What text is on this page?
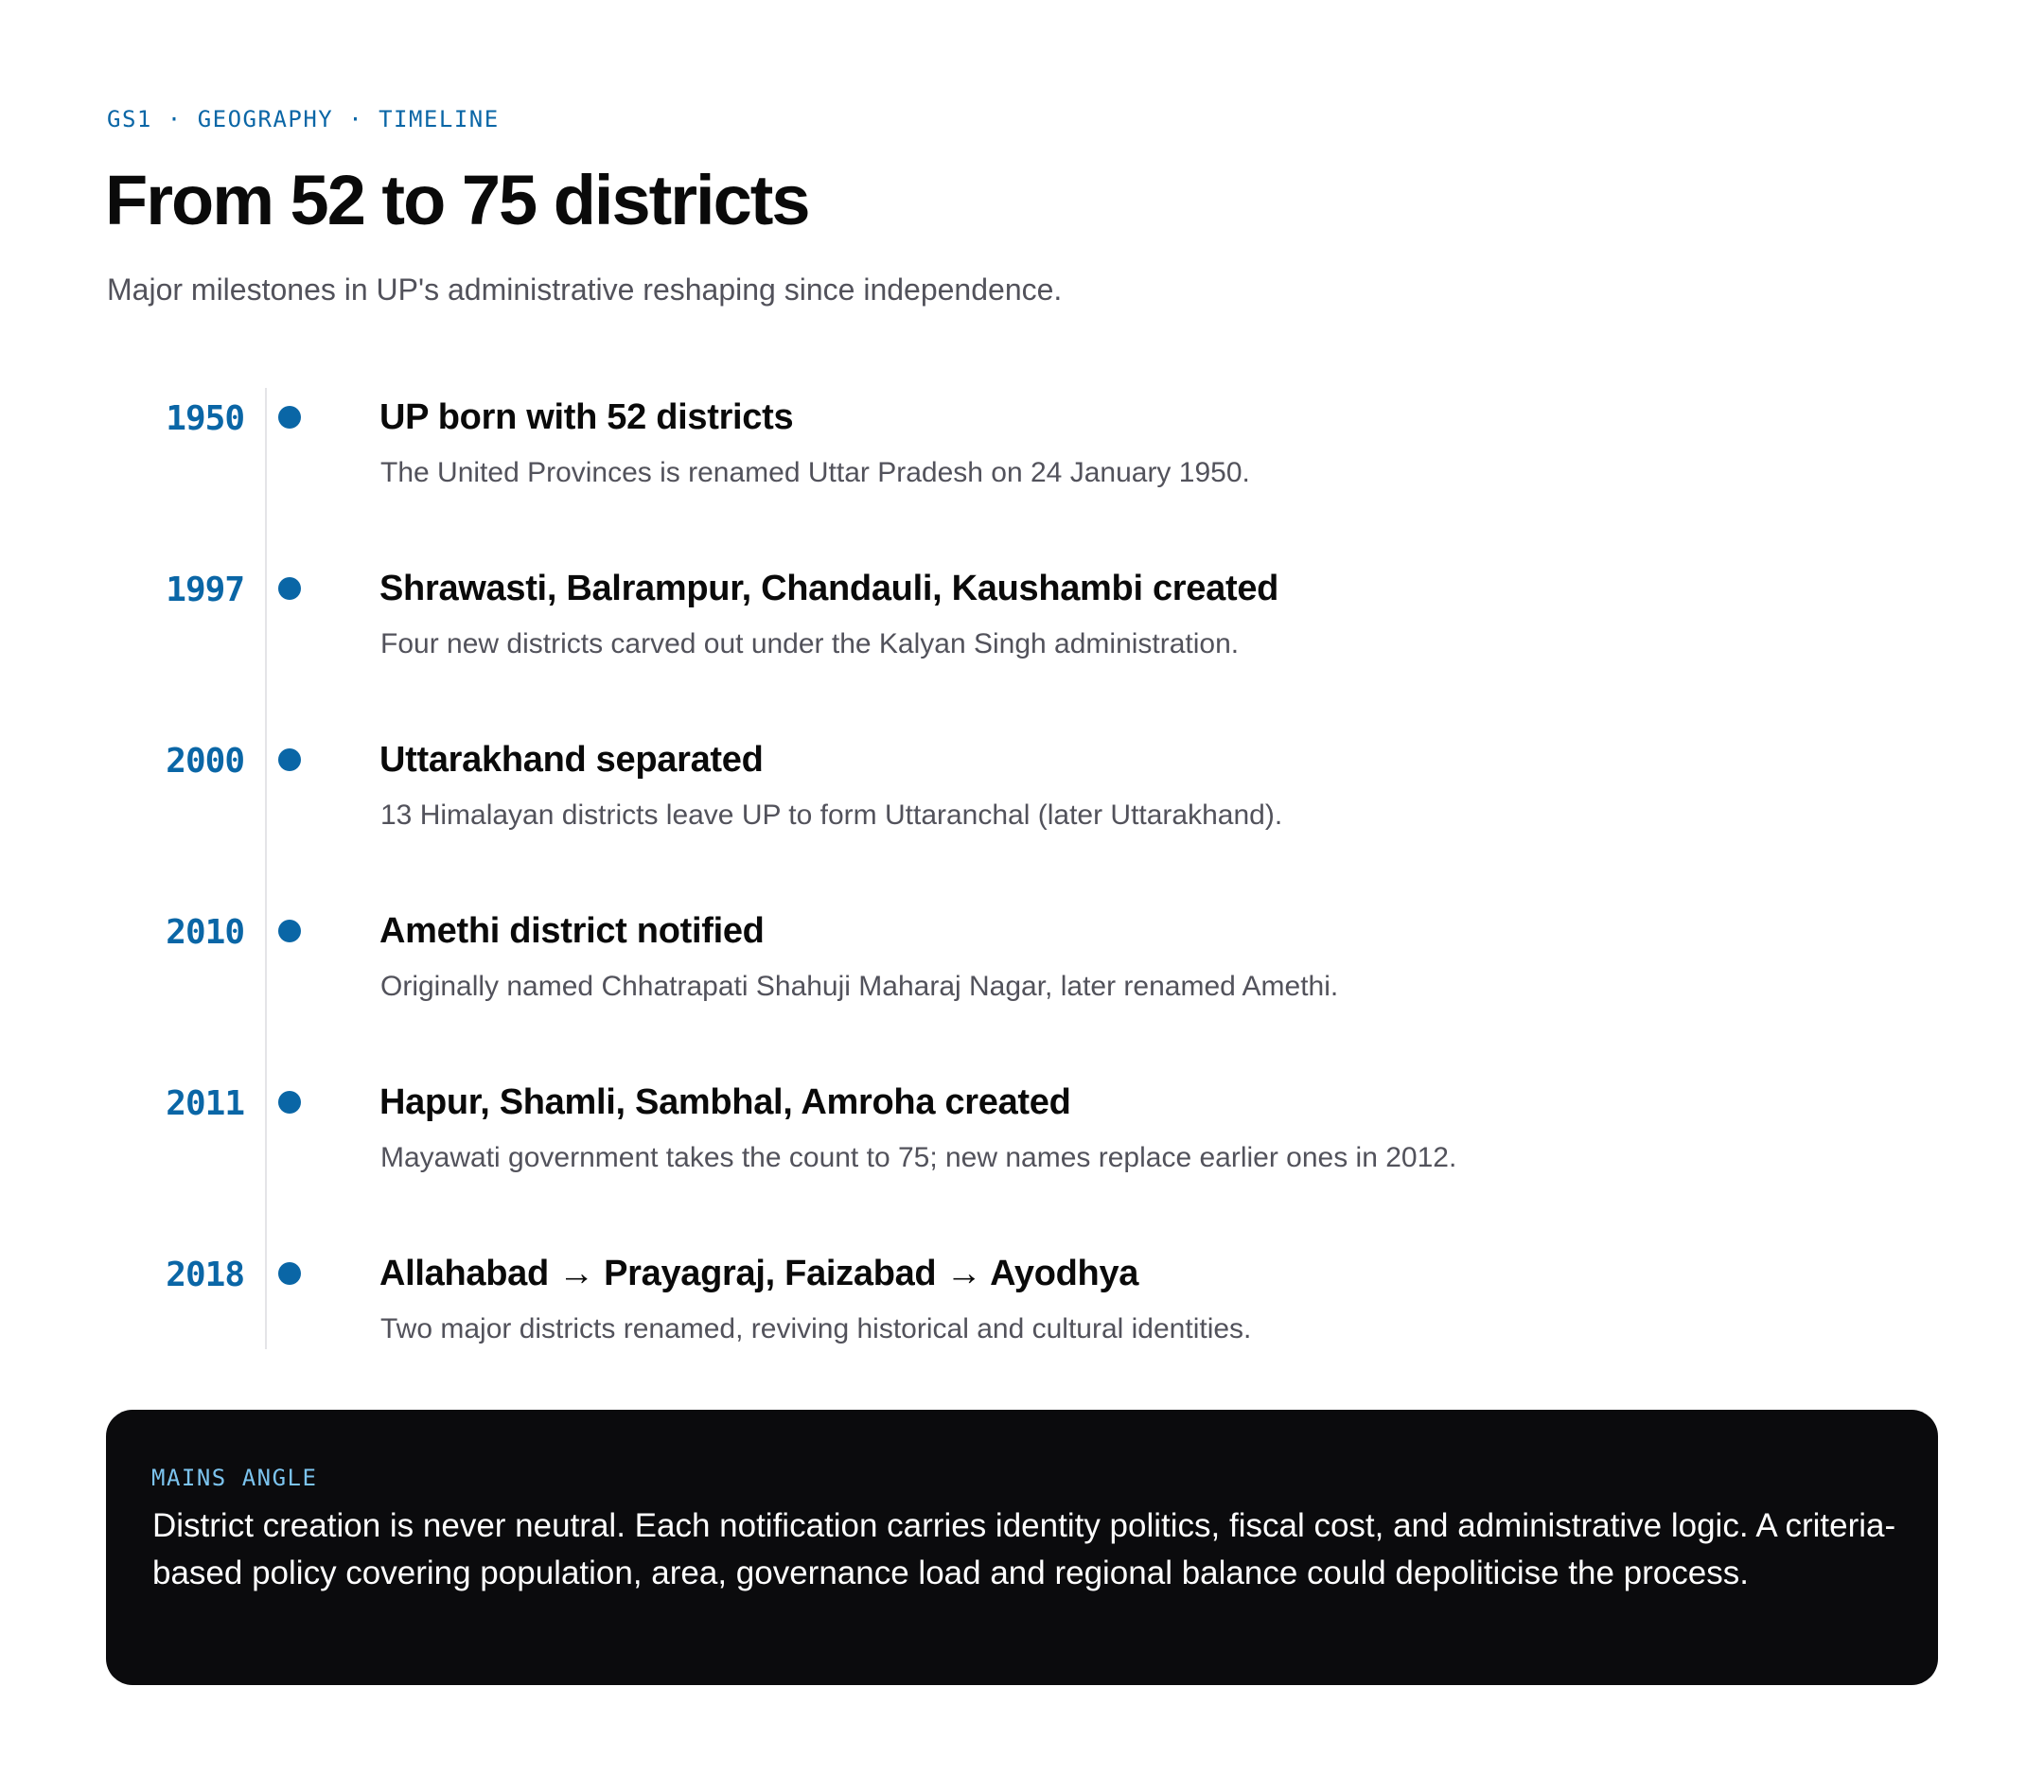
GS1 · GEOGRAPHY · TIMELINE
From 52 to 75 districts

Major milestones in UP's administrative reshaping since independence.

1950	UP born with 52 districts
The United Provinces is renamed Uttar Pradesh on 24 January 1950.
1997	Shrawasti, Balrampur, Chandauli, Kaushambi created
Four new districts carved out under the Kalyan Singh administration.
2000	Uttarakhand separated
13 Himalayan districts leave UP to form Uttaranchal (later Uttarakhand).
2010	Amethi district notified
Originally named Chhatrapati Shahuji Maharaj Nagar, later renamed Amethi.
2011	Hapur, Shamli, Sambhal, Amroha created
Mayawati government takes the count to 75; new names replace earlier ones in 2012.
2018	Allahabad → Prayagraj, Faizabad → Ayodhya
Two major districts renamed, reviving historical and cultural identities.
MAINS ANGLE

District creation is never neutral. Each notification carries identity politics, fiscal cost, and administrative logic. A criteria-based policy covering population, area, governance load and regional balance could depoliticise the process.
